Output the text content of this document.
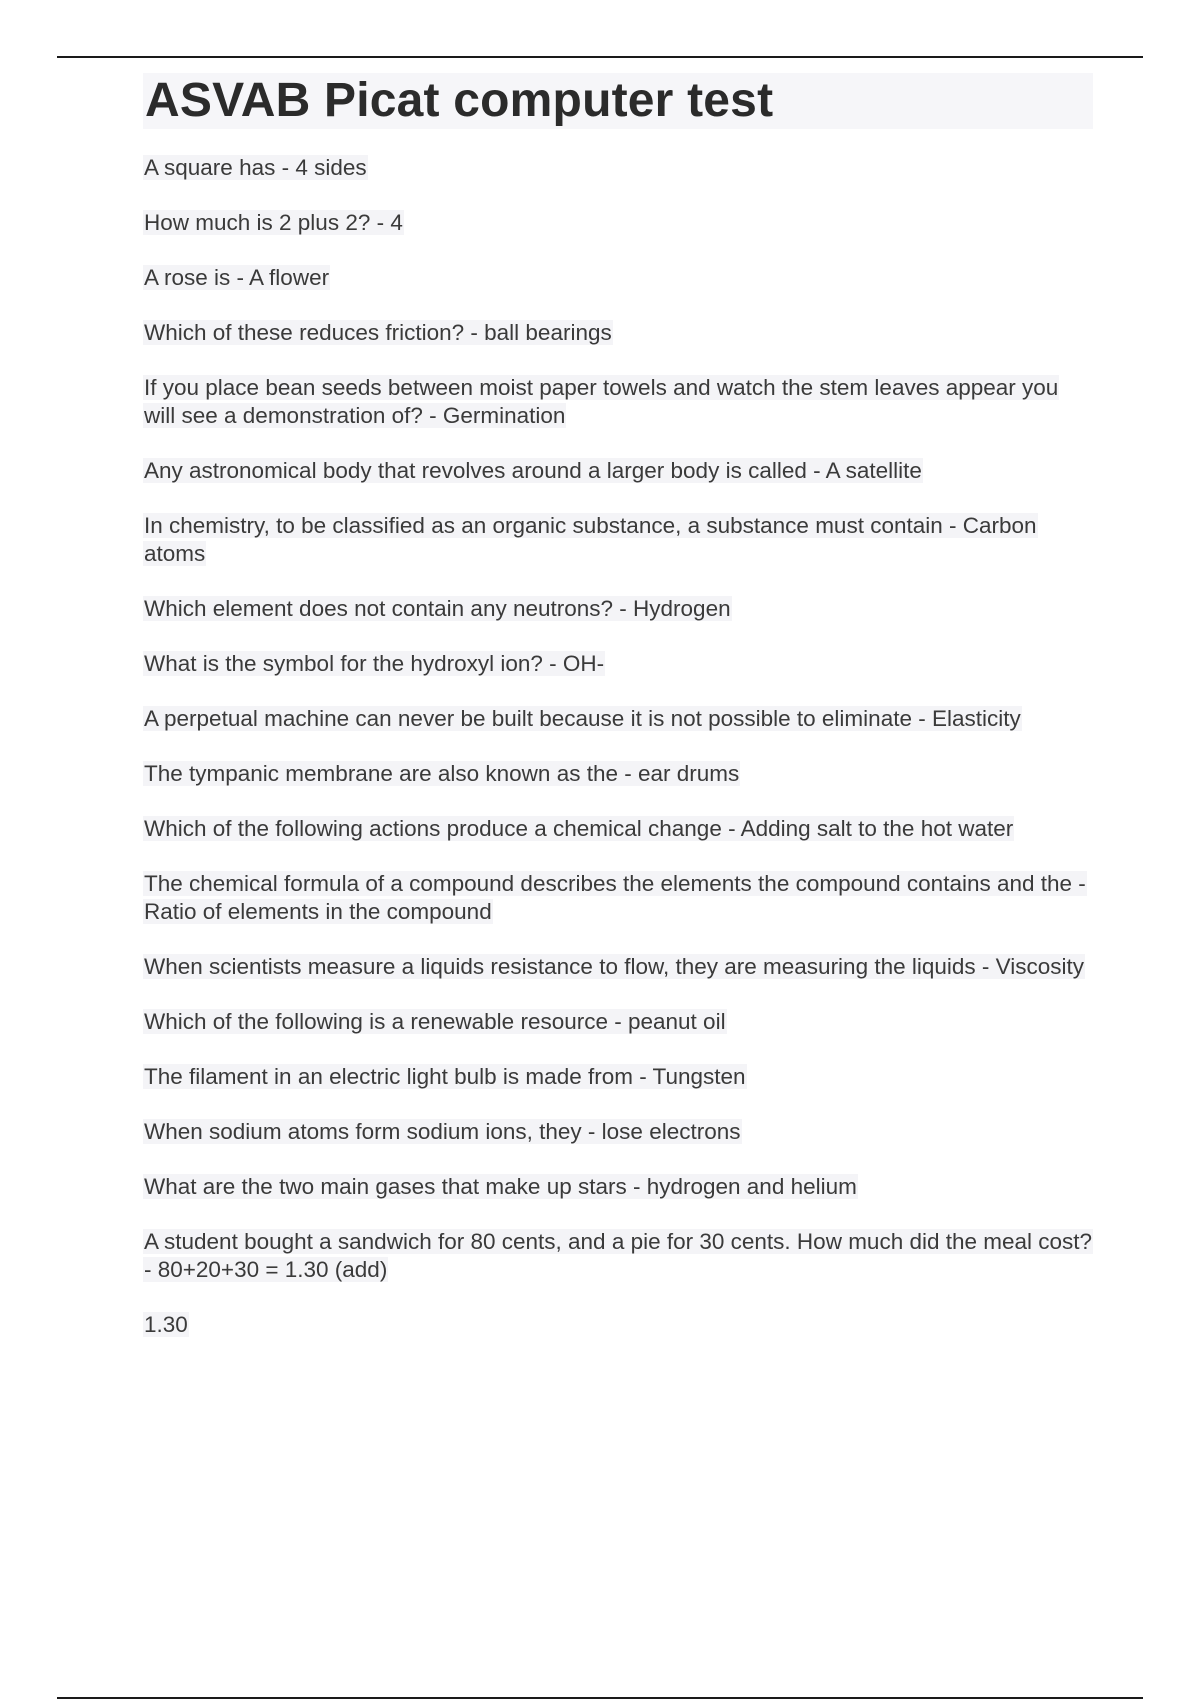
ASVAB Picat computer test
A square has - 4 sides
How much is 2 plus 2? - 4
A rose is - A flower
Which of these reduces friction? - ball bearings
If you place bean seeds between moist paper towels and watch the stem leaves appear you will see a demonstration of? - Germination
Any astronomical body that revolves around a larger body is called - A satellite
In chemistry, to be classified as an organic substance, a substance must contain - Carbon atoms
Which element does not contain any neutrons? - Hydrogen
What is the symbol for the hydroxyl ion? - OH-
A perpetual machine can never be built because it is not possible to eliminate - Elasticity
The tympanic membrane are also known as the - ear drums
Which of the following actions produce a chemical change - Adding salt to the hot water
The chemical formula of a compound describes the elements the compound contains and the - Ratio of elements in the compound
When scientists measure a liquids resistance to flow, they are measuring the liquids - Viscosity
Which of the following is a renewable resource - peanut oil
The filament in an electric light bulb is made from - Tungsten
When sodium atoms form sodium ions, they - lose electrons
What are the two main gases that make up stars - hydrogen and helium
A student bought a sandwich for 80 cents, and a pie for 30 cents. How much did the meal cost? - 80+20+30 = 1.30 (add)
1.30
